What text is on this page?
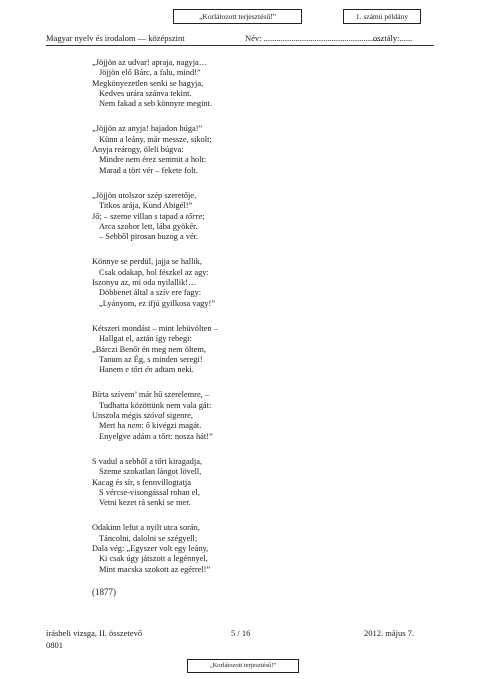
„Korlátozott terjesztésű!”	1. számú példány
Magyar nyelv és irodalom — középszint	Név: ........................................................
osztály:......
„Jöjjön az udvar! apraja, nagyja…
Jöjjön elő Bárc, a falu, mind!”
Megkönyezetlen senki se hagyja,
Kedves urára szánva tekint.
Nem fakad a seb könnyre megint.
„Jöjjön az anyja! hajadon húga!”
Künn a leány, már messze, sikolt;
Anyja reárogy, öleli búgva:
Mindre nem érez semmit a holt:
Marad a tört vér – fekete folt.
„Jöjjön utolszor szép szeretője,
Titkos arája, Kund Abigél!”
Jő; – szeme villan s tapad a tőrre;
Arca szobor lett, lába gyökér.
– Sebből pirosan buzog a vér.
Könnye se perdül, jajja se hallik,
Csak odakap, hol fészkel az agy:
Iszonyu az, mi oda nyilallik!…
Döbbenet által a szív ere fagy:
„Lyányom, ez ifjú gyilkosa vagy!”
Kétszeri mondást – mint lebüvölten –
Hallgat el, aztán így rebegi:
„Bárczi Benőt én meg nem öltem,
Tanum az Ég, s minden seregi!
Hanem e tőrt én adtam neki.
Bírta szívem’ már hű szerelemre, –
Tudhatta közöttünk nem vala gát:
Unszola mégis szóval sigenre,
Mert ha nem: ő kivégzi magát.
Enyelgve adám a tőrt: nosza hát!”
S vadul a sebből a tőrt kiragadja,
Szeme szokatlan lángot lövell,
Kacag és sír, s fennvillogtatja
S vércse-visongással rohan el,
Vetni kezet rá senki se mer.
Odakinn lefut a nyilt utca során,
Táncolni, dalolni se szégyell;
Dala vég: „Egyszer volt egy leány,
Ki csak úgy játszott a legénnyel,
Mint macska szokott az egérrel!”
(1877)
írásbeli vizsga, II. összetevő
0801
5 / 16	2012. május 7.
„Korlátozott terjesztésű!”
